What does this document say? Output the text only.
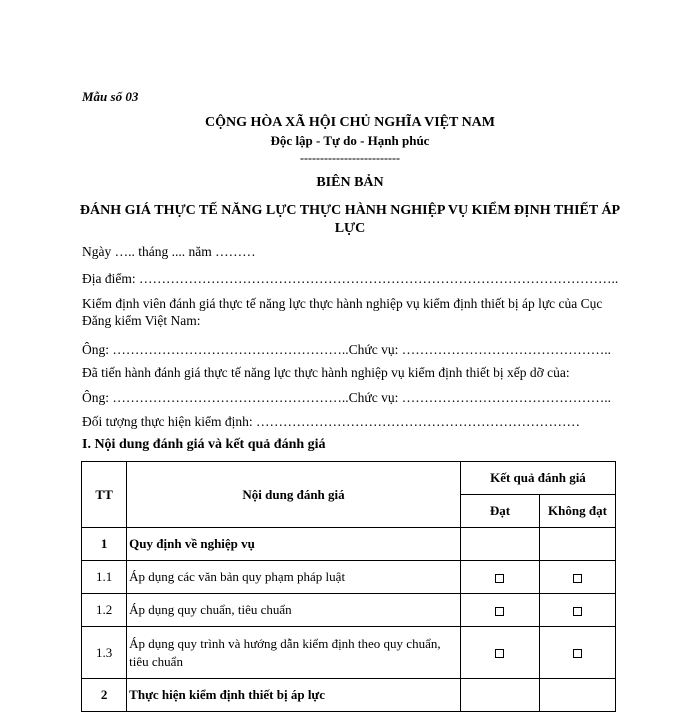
Mẫu số 03
CỘNG HÒA XÃ HỘI CHỦ NGHĨA VIỆT NAM
Độc lập - Tự do - Hạnh phúc
-------------------------
BIÊN BẢN
ĐÁNH GIÁ THỰC TẾ NĂNG LỰC THỰC HÀNH NGHIỆP VỤ KIỂM ĐỊNH THIẾT ÁP LỰC
Ngày ….. tháng .... năm ………
Địa điểm: ……………………………………………………………………………………………..
Kiểm định viên đánh giá thực tế năng lực thực hành nghiệp vụ kiểm định thiết bị áp lực của Cục Đăng kiểm Việt Nam:
Ông: ……………………………………………..Chức vụ: ………………………………………..
Đã tiến hành đánh giá thực tế năng lực thực hành nghiệp vụ kiểm định thiết bị xếp dỡ của:
Ông: ……………………………………………..Chức vụ: ………………………………………..
Đối tượng thực hiện kiểm định: ………………………………………………………………
I. Nội dung đánh giá và kết quả đánh giá
TT	Nội dung đánh giá	Kết quả đánh giá	
		Đạt	Không đạt
1	Quy định về nghiệp vụ		
1.1	Áp dụng các văn bản quy phạm pháp luật		
1.2	Áp dụng quy chuẩn, tiêu chuẩn		
1.3	Áp dụng quy trình và hướng dẫn kiểm định theo quy chuẩn, tiêu chuẩn		
2	Thực hiện kiểm định thiết bị áp lực		
